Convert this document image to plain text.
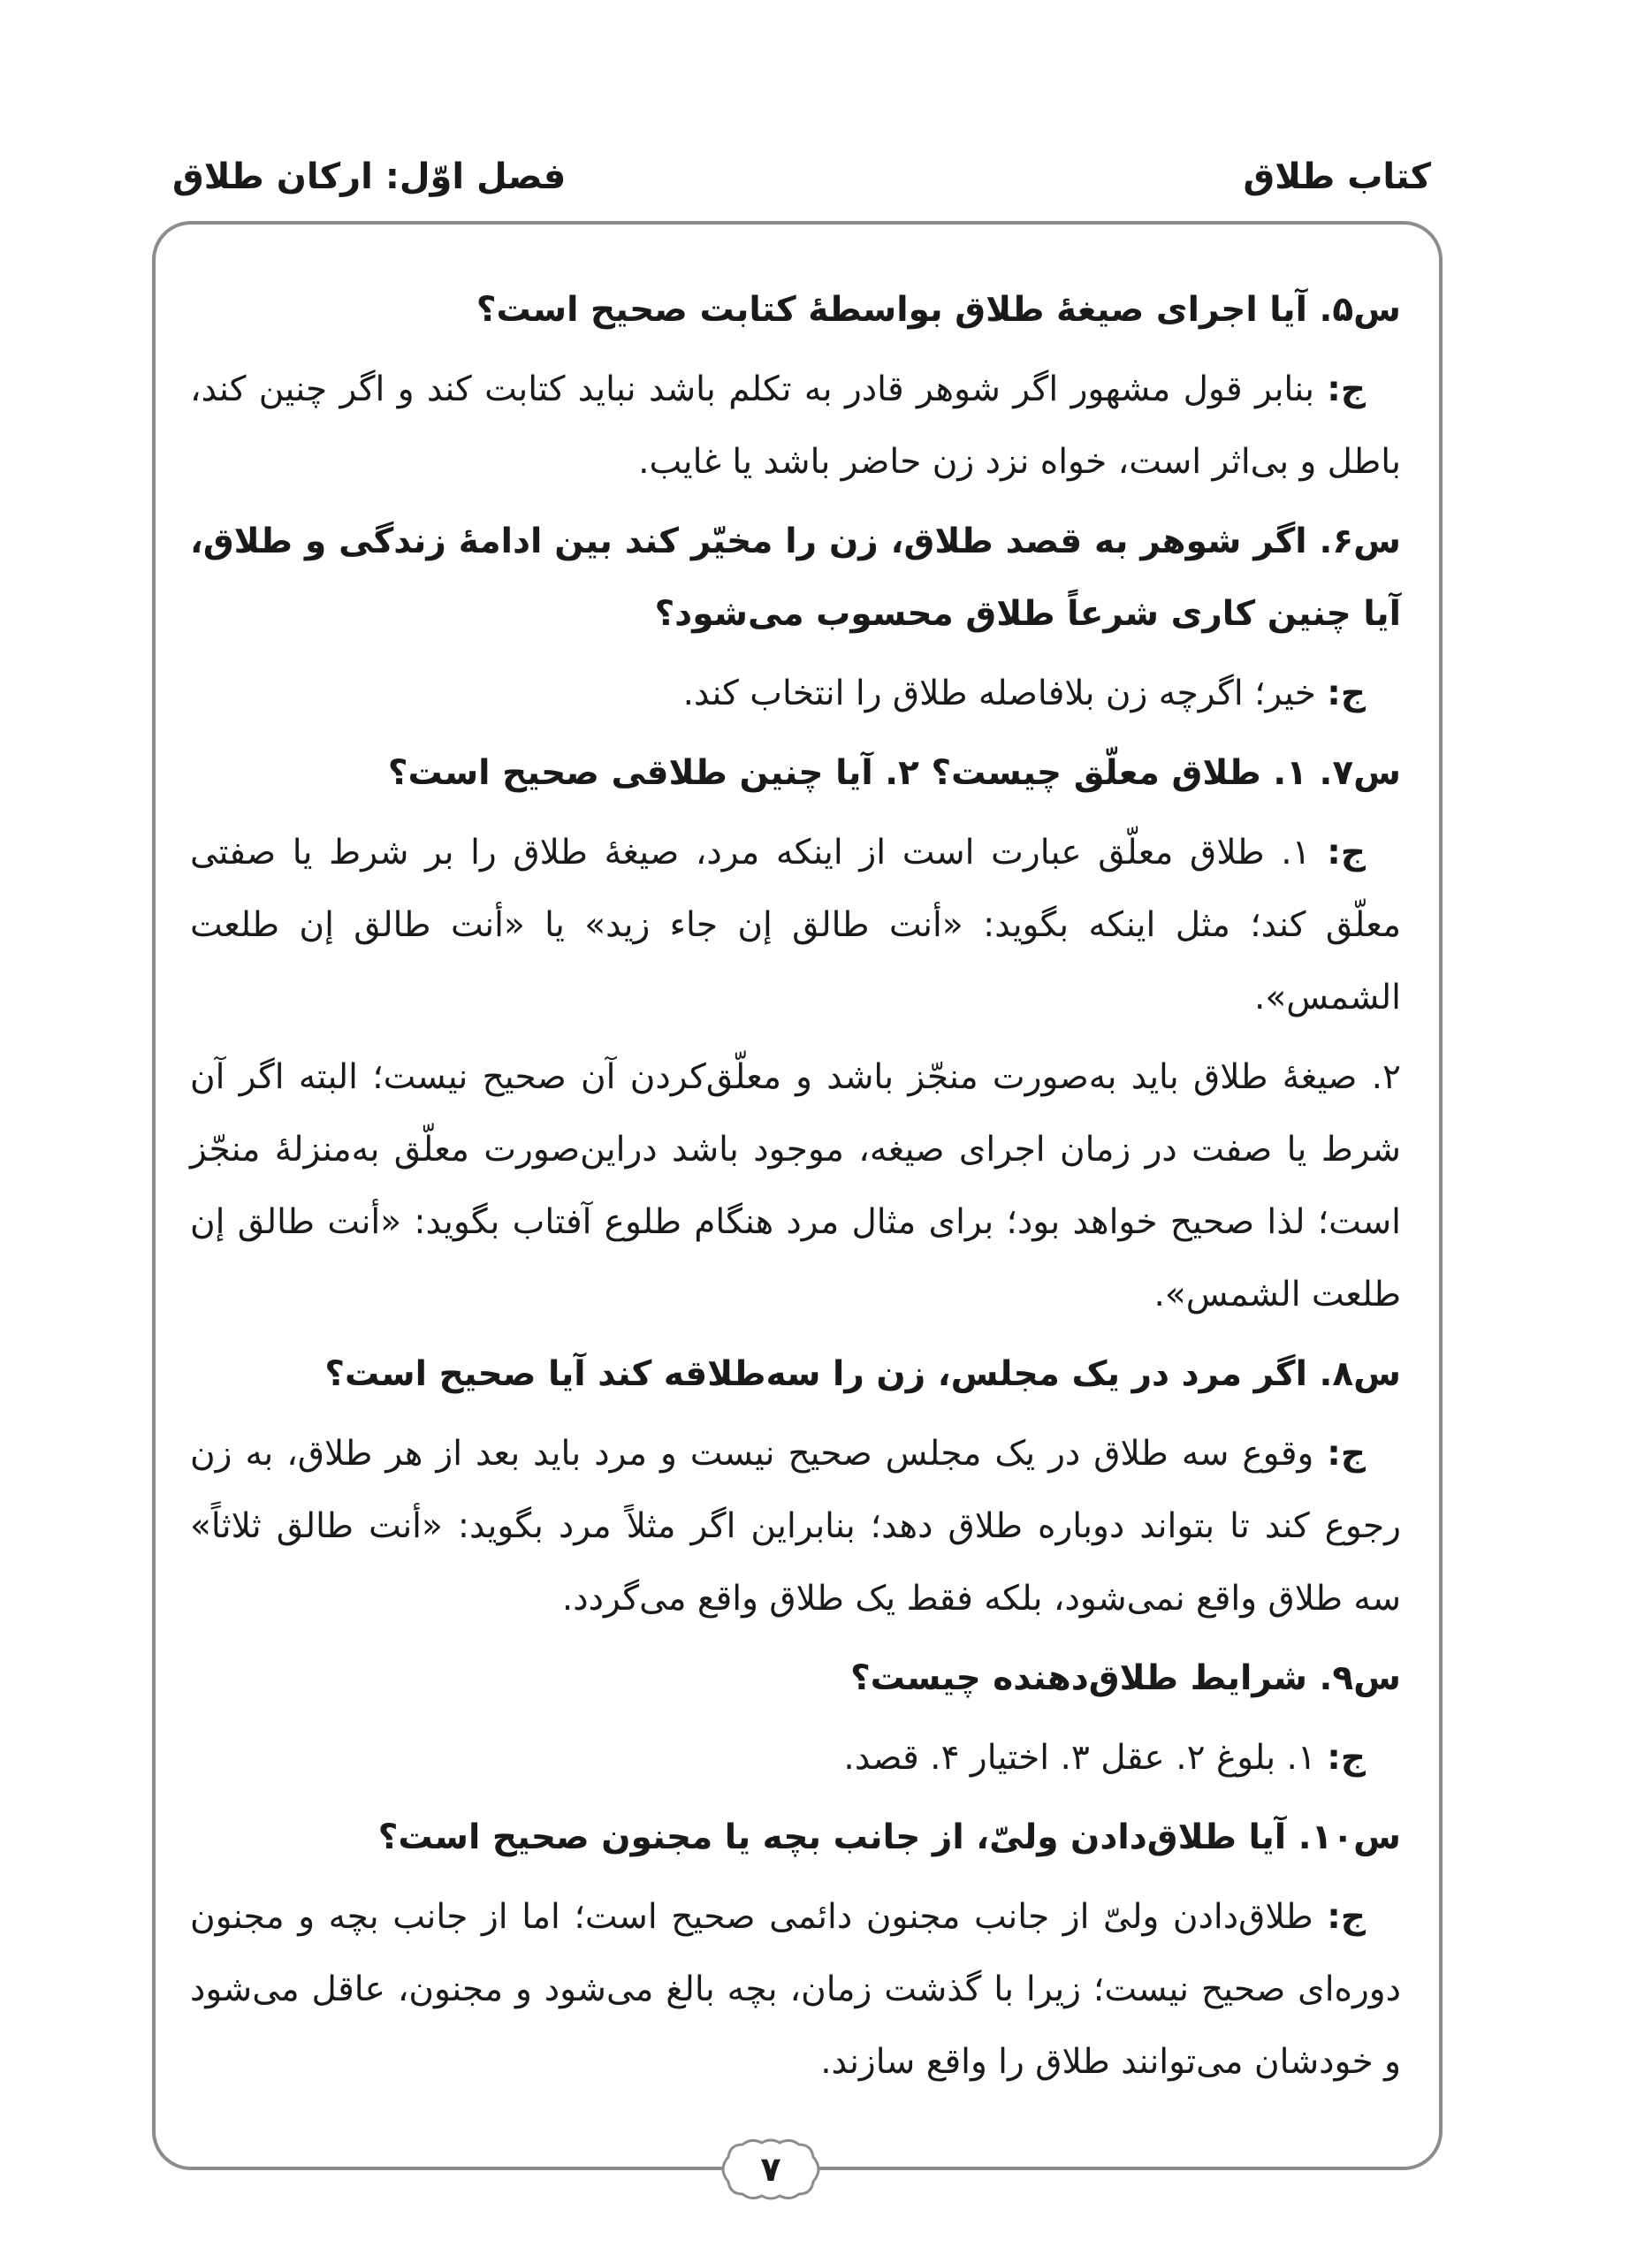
کتاب طلاق
فصل اوّل: ارکان طلاق

س۵. آیا اجرای صیغهٔ طلاق بواسطهٔ کتابت صحیح است؟

ج: بنابر قول مشهور اگر شوهر قادر به تکلم باشد نباید کتابت کند و اگر چنین کند، باطل و بی‌اثر است، خواه نزد زن حاضر باشد یا غایب.

س۶. اگر شوهر به قصد طلاق، زن را مخیّر کند بین ادامهٔ زندگی و طلاق، آیا چنین کاری شرعاً طلاق محسوب می‌شود؟

ج: خیر؛ اگرچه زن بلافاصله طلاق را انتخاب کند.

س۷. ۱. طلاق معلّق چیست؟ ۲. آیا چنین طلاقی صحیح است؟

ج: ۱. طلاق معلّق عبارت است از اینکه مرد، صیغهٔ طلاق را بر شرط یا صفتی معلّق کند؛ مثل اینکه بگوید: «أنت طالق إن جاء زید» یا «أنت طالق إن طلعت الشمس».

۲. صیغهٔ طلاق باید به‌صورت منجّز باشد و معلّق‌کردن آن صحیح نیست؛ البته اگر آن شرط یا صفت در زمان اجرای صیغه، موجود باشد دراین‌صورت معلّق به‌منزلهٔ منجّز است؛ لذا صحیح خواهد بود؛ برای مثال مرد هنگام طلوع آفتاب بگوید: «أنت طالق إن طلعت الشمس».

س۸. اگر مرد در یک مجلس، زن را سه‌طلاقه کند آیا صحیح است؟

ج: وقوع سه طلاق در یک مجلس صحیح نیست و مرد باید بعد از هر طلاق، به زن رجوع کند تا بتواند دوباره طلاق دهد؛ بنابراین اگر مثلاً مرد بگوید: «أنت طالق ثلاثاً» سه طلاق واقع نمی‌شود، بلکه فقط یک طلاق واقع می‌گردد.

س۹. شرایط طلاق‌دهنده چیست؟

ج: ۱. بلوغ ۲. عقل ۳. اختیار ۴. قصد.

س۱۰. آیا طلاق‌دادن ولیّ، از جانب بچه یا مجنون صحیح است؟

ج: طلاق‌دادن ولیّ از جانب مجنون دائمی صحیح است؛ اما از جانب بچه و مجنون دوره‌ای صحیح نیست؛ زیرا با گذشت زمان، بچه بالغ می‌شود و مجنون، عاقل می‌شود و خودشان می‌توانند طلاق را واقع سازند.

۷
